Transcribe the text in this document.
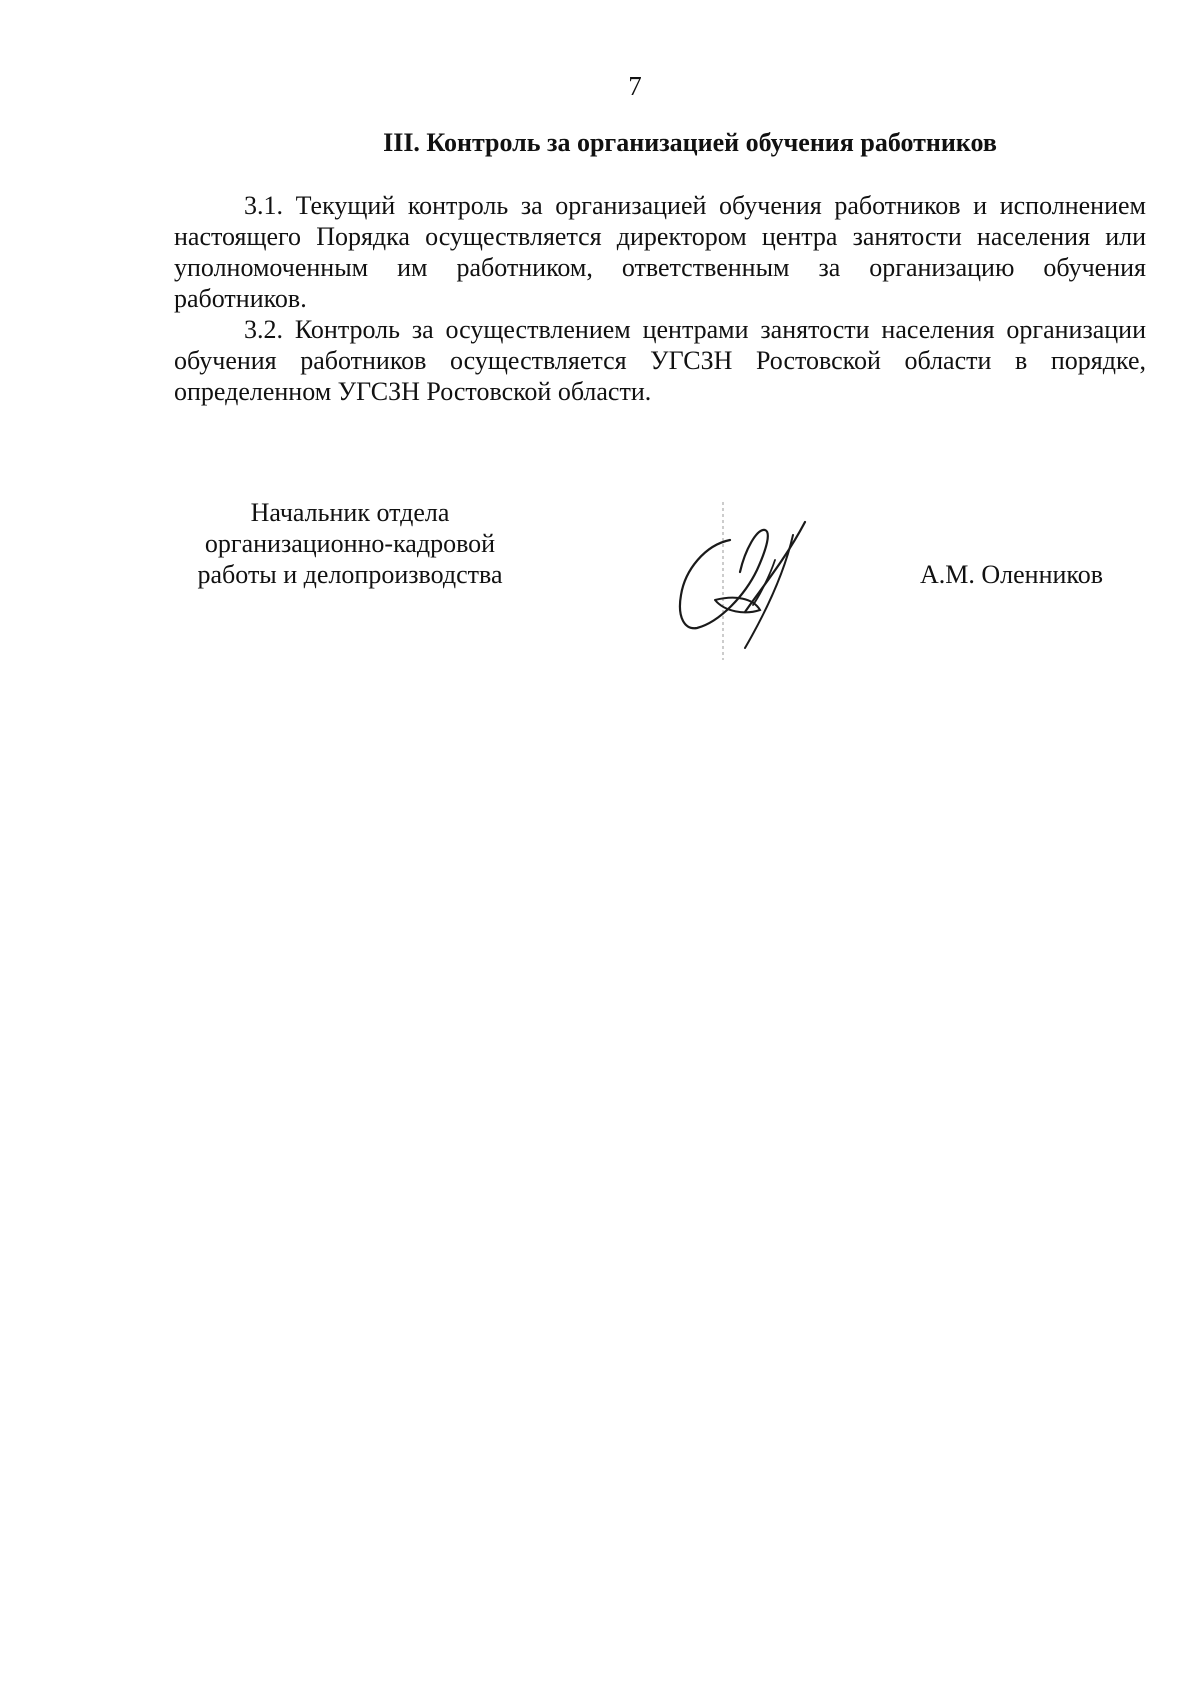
7
III. Контроль за организацией обучения работников

3.1. Текущий контроль за организацией обучения работников и исполнением настоящего Порядка осуществляется директором центра занятости населения или уполномоченным им работником, ответственным за организацию обучения работников.

3.2. Контроль за осуществлением центрами занятости населения организации обучения работников осуществляется УГСЗН Ростовской области в порядке, определенном УГСЗН Ростовской области.

Начальник отдела
организационно-кадровой
работы и делопроизводства	А.М. Оленников
